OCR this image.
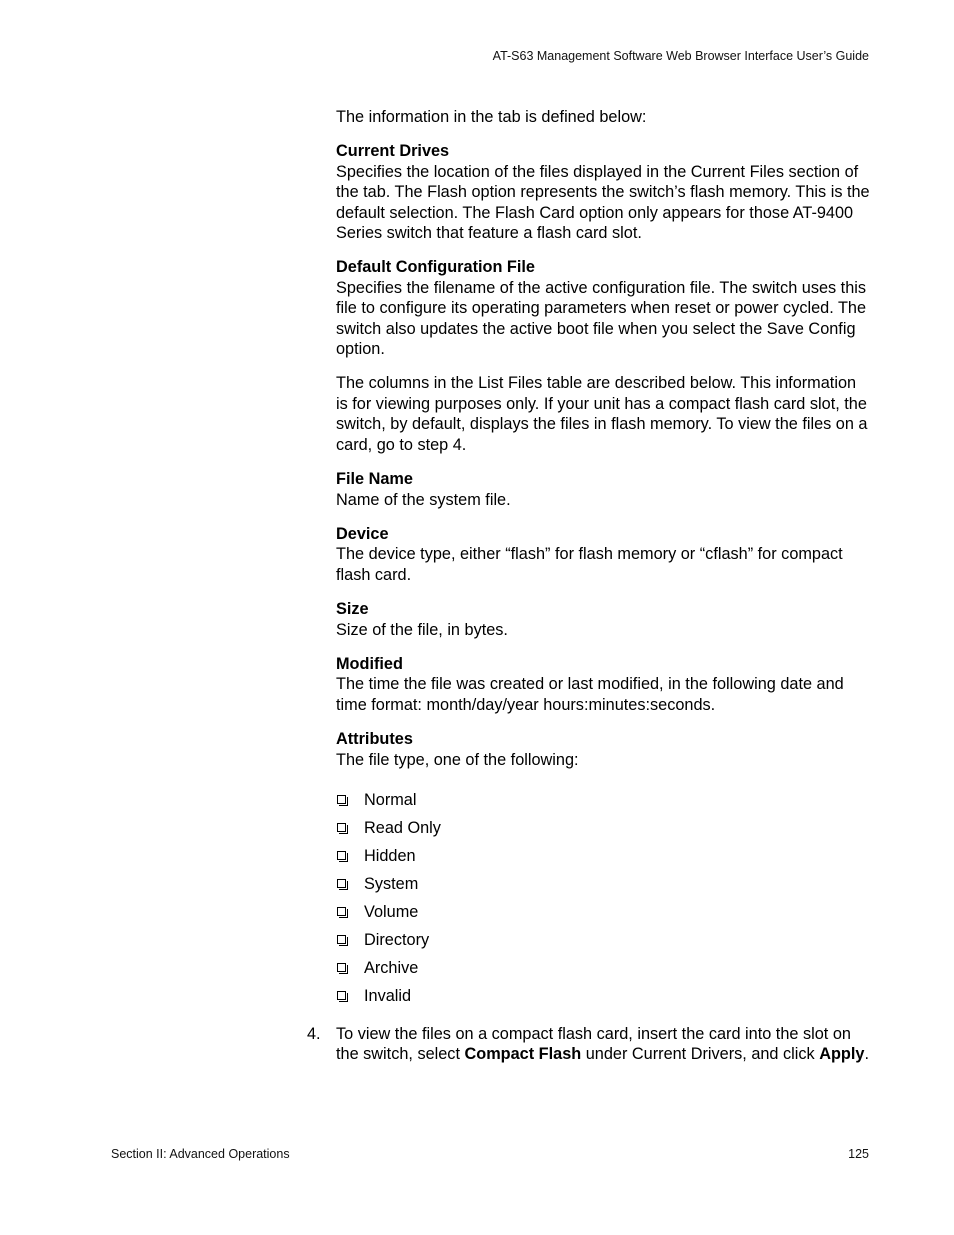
AT-S63 Management Software Web Browser Interface User’s Guide

The information in the tab is defined below:

Current Drives
Specifies the location of the files displayed in the Current Files section of the tab. The Flash option represents the switch’s flash memory. This is the default selection. The Flash Card option only appears for those AT-9400 Series switch that feature a flash card slot.
Default Configuration File
Specifies the filename of the active configuration file. The switch uses this file to configure its operating parameters when reset or power cycled. The switch also updates the active boot file when you select the Save Config option.

The columns in the List Files table are described below. This information is for viewing purposes only. If your unit has a compact flash card slot, the switch, by default, displays the files in flash memory. To view the files on a card, go to step 4.

File Name
Name of the system file.
Device
The device type, either “flash” for flash memory or “cflash” for compact flash card.
Size
Size of the file, in bytes.
Modified
The time the file was created or last modified, in the following date and time format: month/day/year hours:minutes:seconds.
Attributes
The file type, one of the following:
Normal
Read Only
Hidden
System
Volume
Directory
Archive
Invalid
4. To view the files on a compact flash card, insert the card into the slot on the switch, select Compact Flash under Current Drivers, and click Apply.
Section II: Advanced Operations	125
